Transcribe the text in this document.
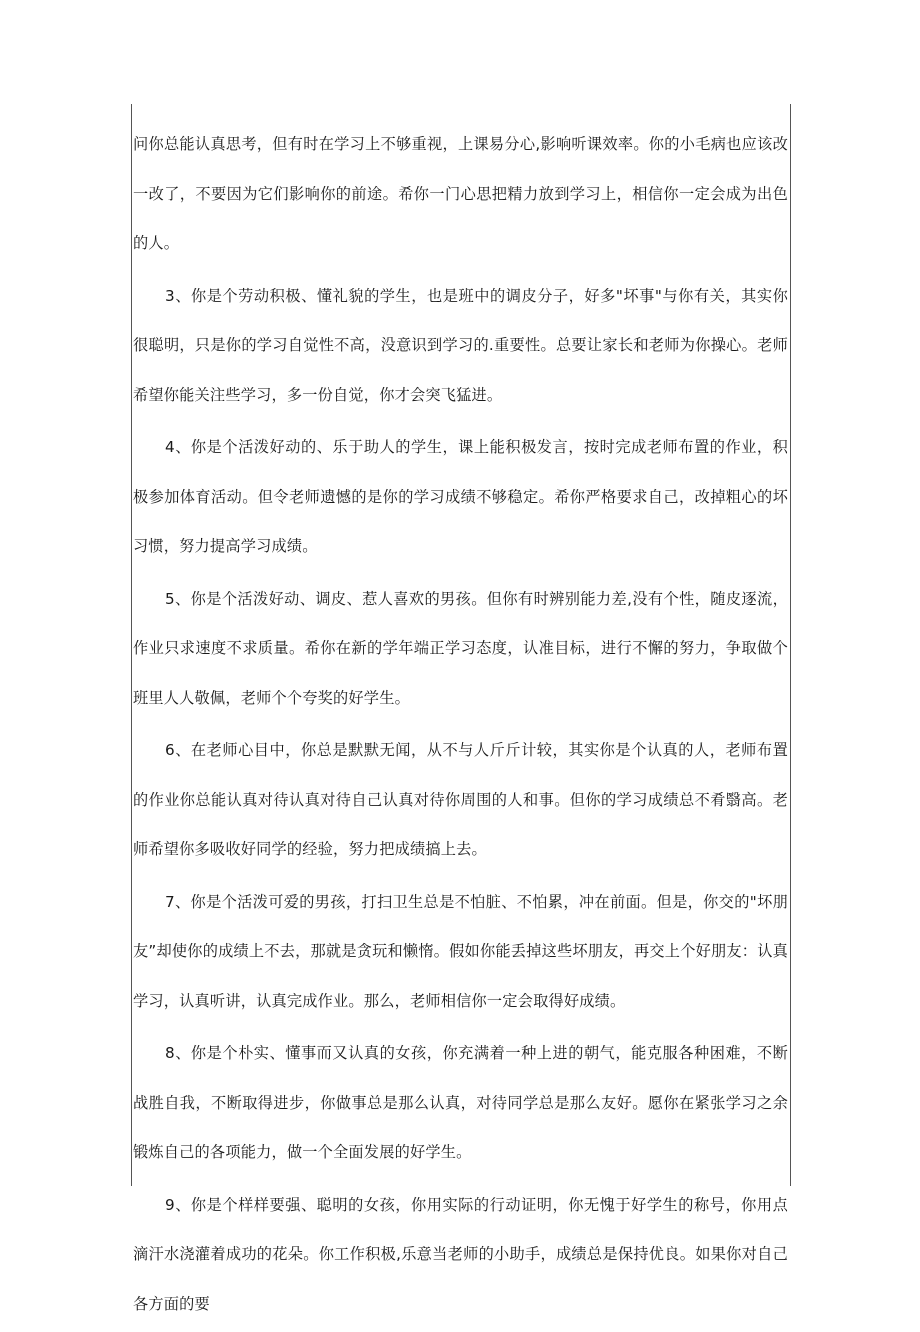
问你总能认真思考，但有时在学习上不够重视，上课易分心,影响听课效率。你的小毛病也应该改一改了，不要因为它们影响你的前途。希你一门心思把精力放到学习上，相信你一定会成为出色的人。

3、你是个劳动积极、懂礼貌的学生，也是班中的调皮分子，好多"坏事"与你有关，其实你很聪明，只是你的学习自觉性不高，没意识到学习的.重要性。总要让家长和老师为你操心。老师希望你能关注些学习，多一份自觉，你才会突飞猛进。

4、你是个活泼好动的、乐于助人的学生，课上能积极发言，按时完成老师布置的作业，积极参加体育活动。但令老师遗憾的是你的学习成绩不够稳定。希你严格要求自己，改掉粗心的坏习惯，努力提高学习成绩。

5、你是个活泼好动、调皮、惹人喜欢的男孩。但你有时辨别能力差,没有个性，随皮逐流，作业只求速度不求质量。希你在新的学年端正学习态度，认准目标，进行不懈的努力，争取做个班里人人敬佩，老师个个夸奖的好学生。

6、在老师心目中，你总是默默无闻，从不与人斤斤计较，其实你是个认真的人，老师布置的作业你总能认真对待认真对待自己认真对待你周围的人和事。但你的学习成绩总不肴翳高。老师希望你多吸收好同学的经验，努力把成绩搞上去。

7、你是个活泼可爱的男孩，打扫卫生总是不怕脏、不怕累，冲在前面。但是，你交的"坏朋友”却使你的成绩上不去，那就是贪玩和懒惰。假如你能丢掉这些坏朋友，再交上个好朋友：认真学习，认真听讲，认真完成作业。那么，老师相信你一定会取得好成绩。

8、你是个朴实、懂事而又认真的女孩，你充满着一种上进的朝气，能克服各种困难，不断战胜自我，不断取得进步，你做事总是那么认真，对待同学总是那么友好。愿你在紧张学习之余锻炼自己的各项能力，做一个全面发展的好学生。

9、你是个样样要强、聪明的女孩，你用实际的行动证明，你无愧于好学生的称号，你用点滴汗水浇灌着成功的花朵。你工作积极,乐意当老师的小助手，成绩总是保持优良。如果你对自己各方面的要
